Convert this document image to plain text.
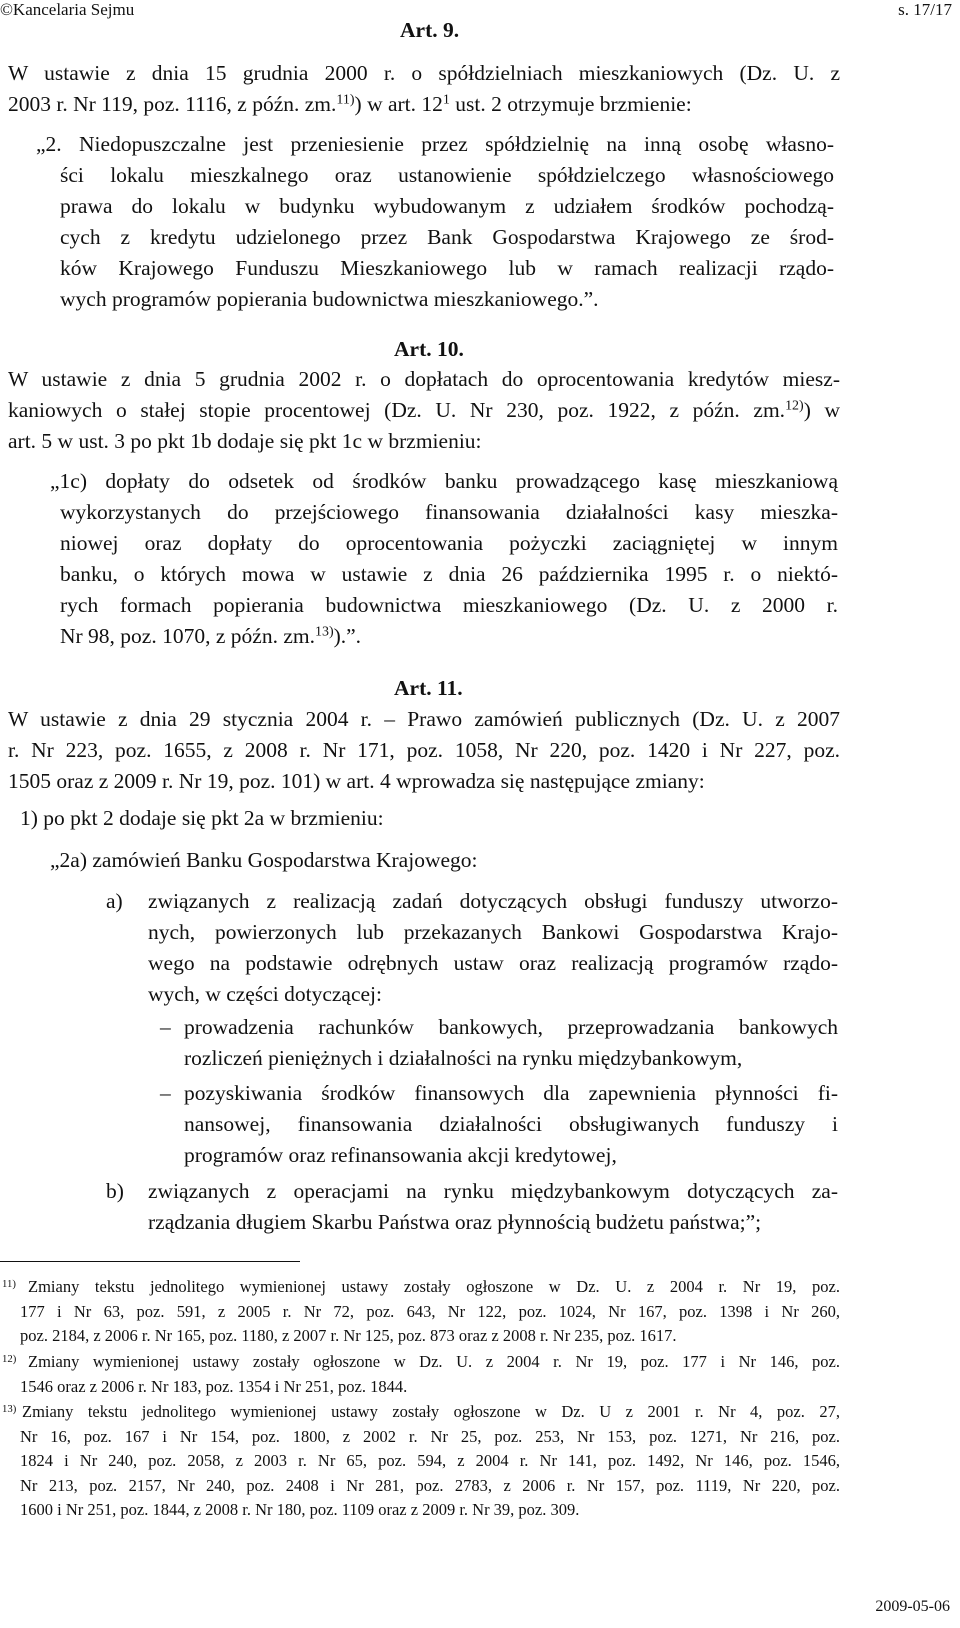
©Kancelaria Sejmu	s. 17/17
Art. 9.
W ustawie z dnia 15 grudnia 2000 r. o spółdzielniach mieszkaniowych (Dz. U. z
2003 r. Nr 119, poz. 1116, z późn. zm.$^{11)}$) w art. $12^1$ ust. 2 otrzymuje brzmienie:
„2. Niedopuszczalne jest przeniesienie przez spółdzielnię na inną osobę własno-
ści lokalu mieszkalnego oraz ustanowienie spółdzielczego własnościowego
prawa do lokalu w budynku wybudowanym z udziałem środków pochodzą-
cych z kredytu udzielonego przez Bank Gospodarstwa Krajowego ze środ-
ków Krajowego Funduszu Mieszkaniowego lub w ramach realizacji rządo-
wych programów popierania budownictwa mieszkaniowego.”.
Art. 10.
W ustawie z dnia 5 grudnia 2002 r. o dopłatach do oprocentowania kredytów miesz-
kaniowych o stałej stopie procentowej (Dz. U. Nr 230, poz. 1922, z późn. zm.$^{12)}$) w
art. 5 w ust. 3 po pkt 1b dodaje się pkt 1c w brzmieniu:
„1c) dopłaty do odsetek od środków banku prowadzącego kasę mieszkaniową
wykorzystanych do przejściowego finansowania działalności kasy mieszka-
niowej oraz dopłaty do oprocentowania pożyczki zaciągniętej w innym
banku, o których mowa w ustawie z dnia 26 października 1995 r. o niektó-
rych formach popierania budownictwa mieszkaniowego (Dz. U. z 2000 r.
Nr 98, poz. 1070, z późn. zm.$^{13)}$).”.
Art. 11.
W ustawie z dnia 29 stycznia 2004 r. – Prawo zamówień publicznych (Dz. U. z 2007
r. Nr 223, poz. 1655, z 2008 r. Nr 171, poz. 1058, Nr 220, poz. 1420 i Nr 227, poz.
1505 oraz z 2009 r. Nr 19, poz. 101) w art. 4 wprowadza się następujące zmiany:
1) po pkt 2 dodaje się pkt 2a w brzmieniu:
„2a) zamówień Banku Gospodarstwa Krajowego:
a) związanych z realizacją zadań dotyczących obsługi funduszy utworzo-
nych, powierzonych lub przekazanych Bankowi Gospodarstwa Krajo-
wego na podstawie odrębnych ustaw oraz realizacją programów rządo-
wych, w części dotyczącej:
– prowadzenia rachunków bankowych, przeprowadzania bankowych
rozliczeń pieniężnych i działalności na rynku międzybankowym,
– pozyskiwania środków finansowych dla zapewnienia płynności fi-
nansowej, finansowania działalności obsługiwanych funduszy i
programów oraz refinansowania akcji kredytowej,
b) związanych z operacjami na rynku międzybankowym dotyczących za-
rządzania długiem Skarbu Państwa oraz płynnością budżetu państwa;”;
11) Zmiany tekstu jednolitego wymienionej ustawy zostały ogłoszone w Dz. U. z 2004 r. Nr 19, poz.
177 i Nr 63, poz. 591, z 2005 r. Nr 72, poz. 643, Nr 122, poz. 1024, Nr 167, poz. 1398 i Nr 260,
poz. 2184, z 2006 r. Nr 165, poz. 1180, z 2007 r. Nr 125, poz. 873 oraz z 2008 r. Nr 235, poz. 1617.
12) Zmiany wymienionej ustawy zostały ogłoszone w Dz. U. z 2004 r. Nr 19, poz. 177 i Nr 146, poz.
1546 oraz z 2006 r. Nr 183, poz. 1354 i Nr 251, poz. 1844.
13) Zmiany tekstu jednolitego wymienionej ustawy zostały ogłoszone w Dz. U z 2001 r. Nr 4, poz. 27,
Nr 16, poz. 167 i Nr 154, poz. 1800, z 2002 r. Nr 25, poz. 253, Nr 153, poz. 1271, Nr 216, poz.
1824 i Nr 240, poz. 2058, z 2003 r. Nr 65, poz. 594, z 2004 r. Nr 141, poz. 1492, Nr 146, poz. 1546,
Nr 213, poz. 2157, Nr 240, poz. 2408 i Nr 281, poz. 2783, z 2006 r. Nr 157, poz. 1119, Nr 220, poz.
1600 i Nr 251, poz. 1844, z 2008 r. Nr 180, poz. 1109 oraz z 2009 r. Nr 39, poz. 309.
2009-05-06
